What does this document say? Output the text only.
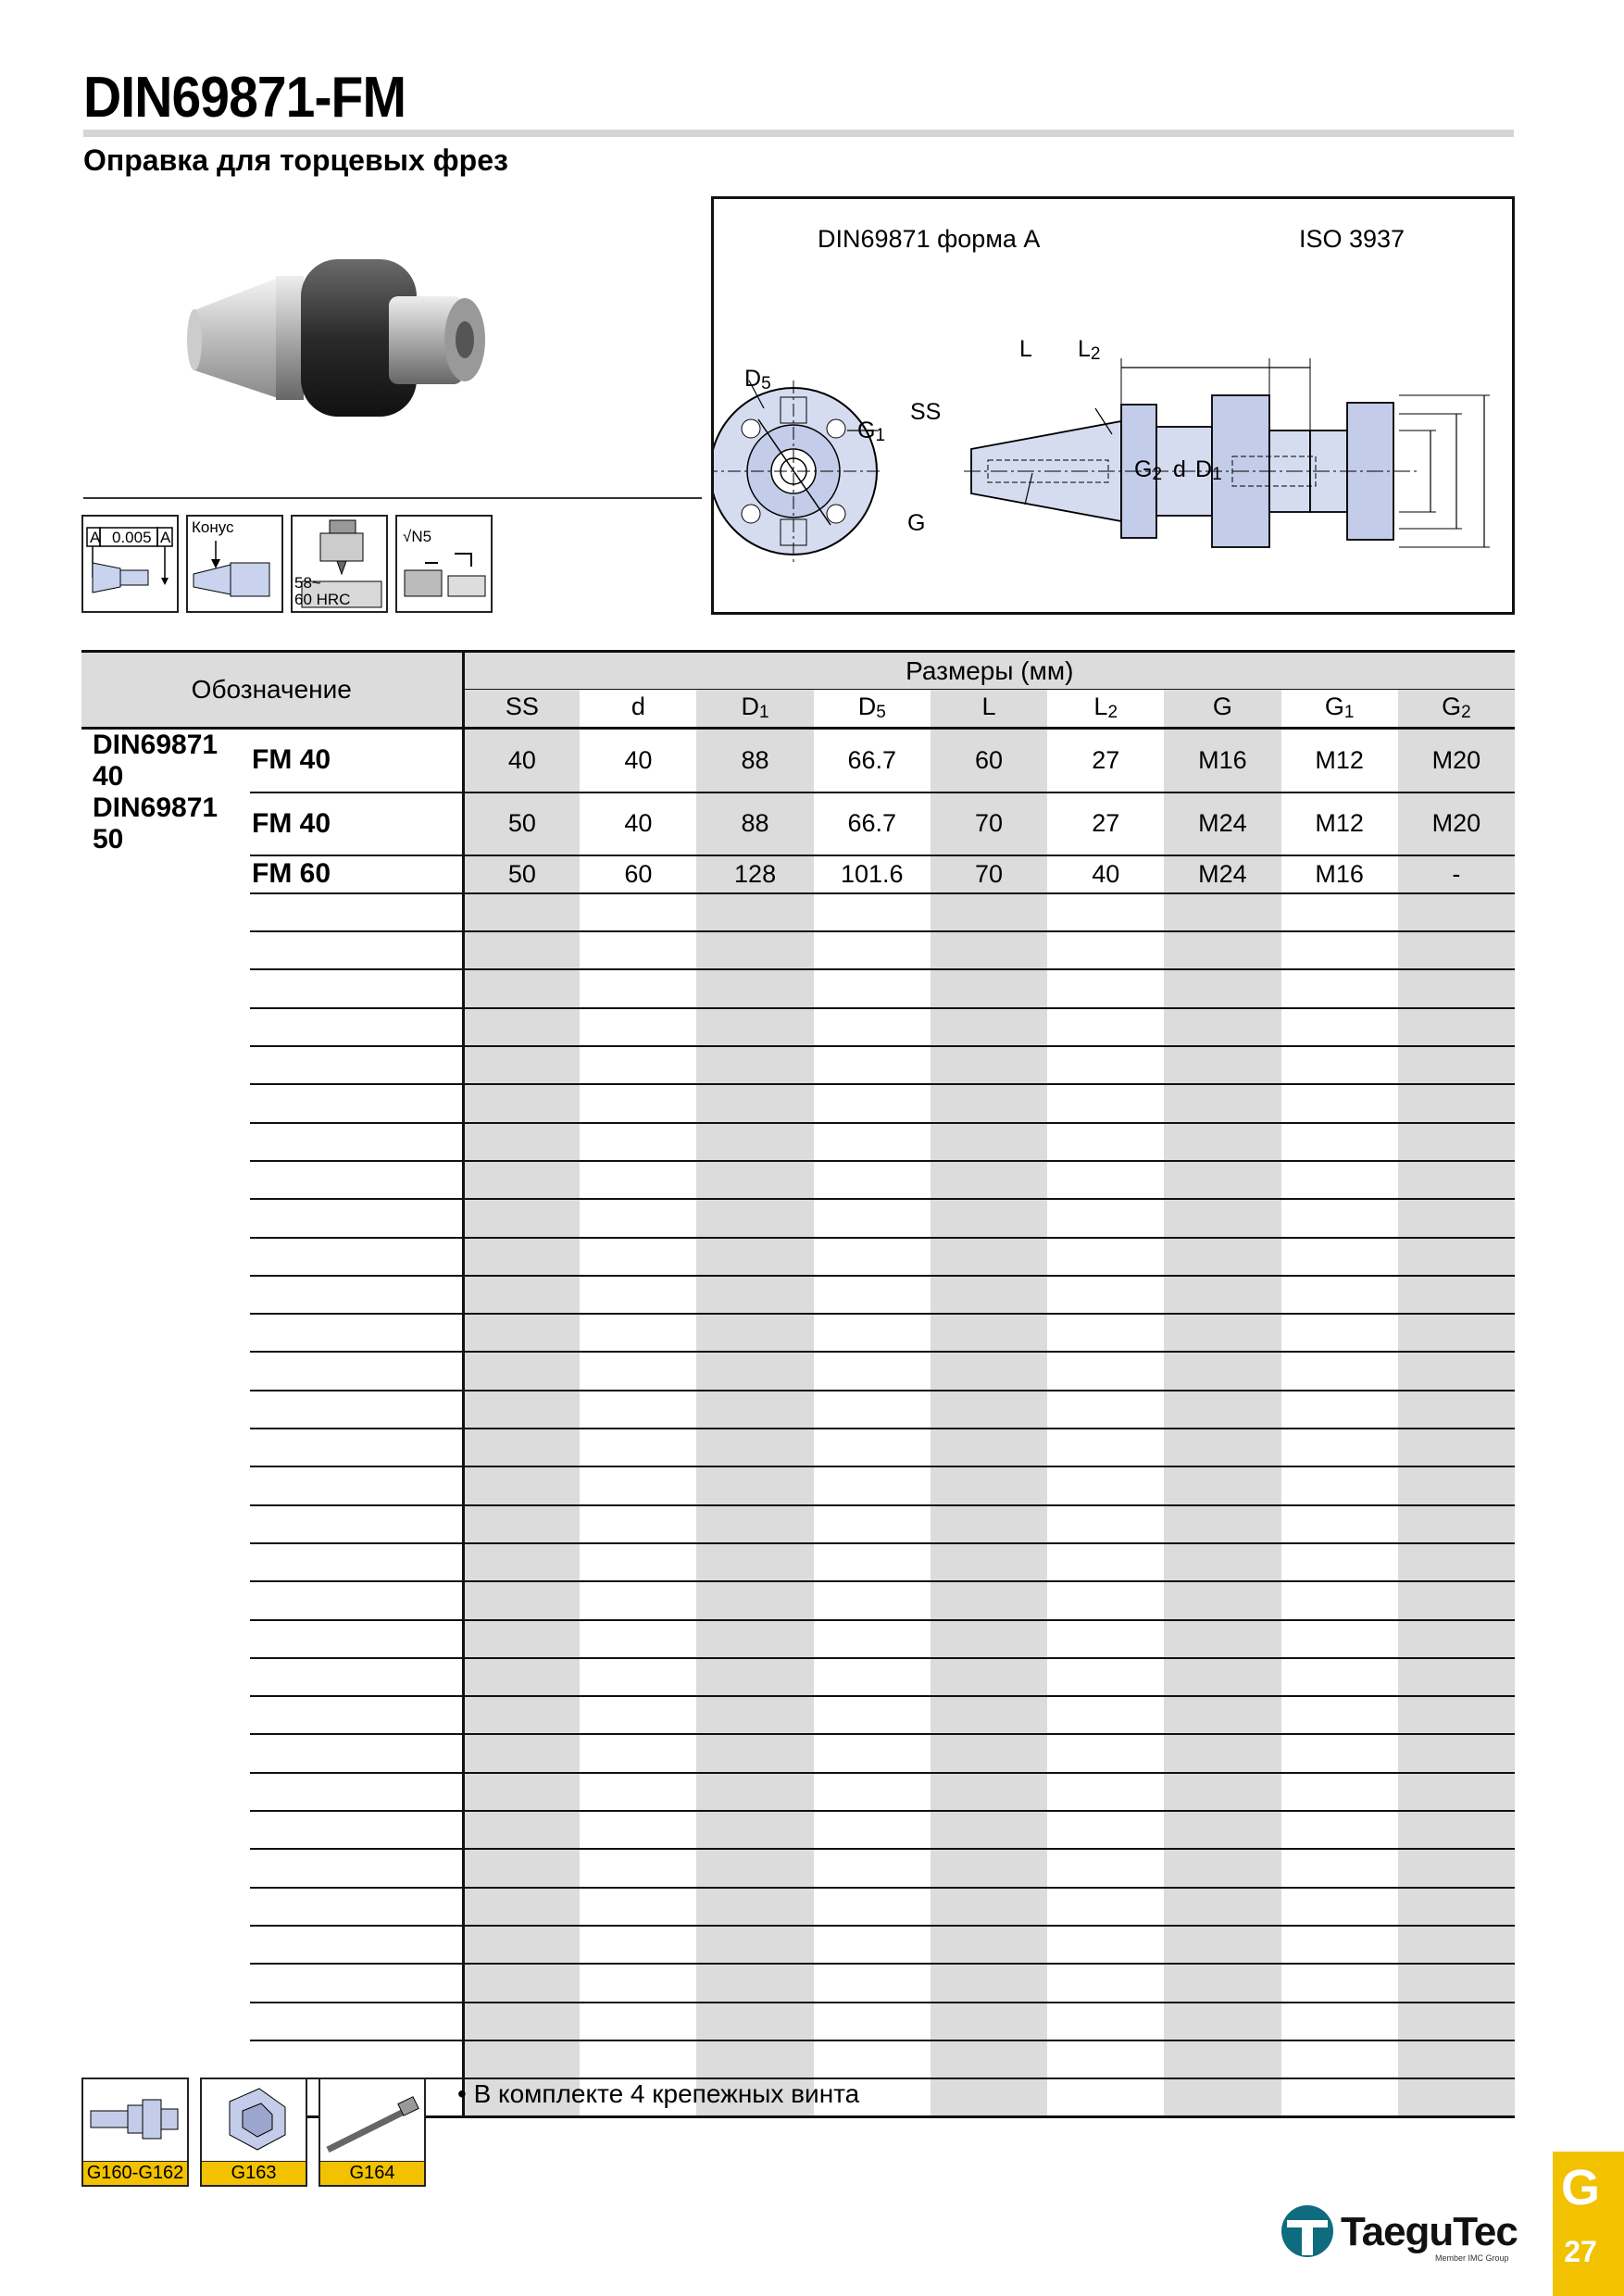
DIN69871-FM
Оправка для торцевых фрез
A 0.005 A
Конус
58~
60 HRC
√N5
DIN69871 форма A	ISO 3937
D5
G1
SS
G
L L2
G2 d D1
Обозначение		Размеры (мм)								
		SS	d	D1	D5	L	L2	G	G1	G2
DIN69871 40	FM 40	40	40	88	66.7	60	27	M16	M12	M20
DIN69871 50	FM 40	50	40	88	66.7	70	27	M24	M12	M20
	FM 60	50	60	128	101.6	70	40	M24	M16	-

G160-G162	G163	G164
• В комплекте 4 крепежных винта
TaeguTec
Member IMC Group
G
27
